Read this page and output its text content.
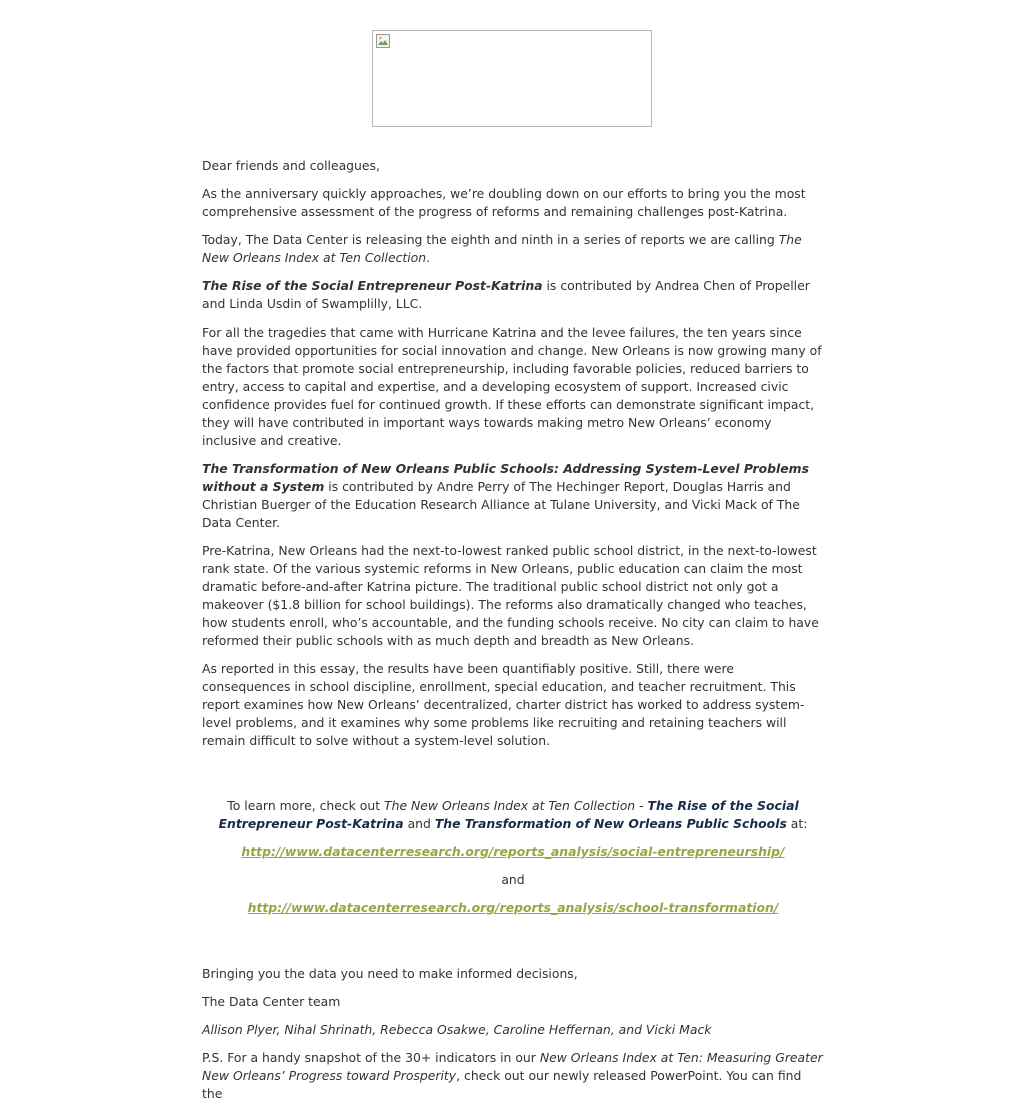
Dear friends and colleagues,

As the anniversary quickly approaches, we’re doubling down on our efforts to bring you the most comprehensive assessment of the progress of reforms and remaining challenges post-Katrina.

Today, The Data Center is releasing the eighth and ninth in a series of reports we are calling The New Orleans Index at Ten Collection.

The Rise of the Social Entrepreneur Post-Katrina is contributed by Andrea Chen of Propeller and Linda Usdin of Swamplilly, LLC.

For all the tragedies that came with Hurricane Katrina and the levee failures, the ten years since have provided opportunities for social innovation and change. New Orleans is now growing many of the factors that promote social entrepreneurship, including favorable policies, reduced barriers to entry, access to capital and expertise, and a developing ecosystem of support. Increased civic confidence provides fuel for continued growth. If these efforts can demonstrate significant impact, they will have contributed in important ways towards making metro New Orleans’ economy inclusive and creative.

The Transformation of New Orleans Public Schools: Addressing System-Level Problems without a System is contributed by Andre Perry of The Hechinger Report, Douglas Harris and Christian Buerger of the Education Research Alliance at Tulane University, and Vicki Mack of The Data Center.

Pre-Katrina, New Orleans had the next-to-lowest ranked public school district, in the next-to-lowest rank state. Of the various systemic reforms in New Orleans, public education can claim the most dramatic before-and-after Katrina picture. The traditional public school district not only got a makeover ($1.8 billion for school buildings). The reforms also dramatically changed who teaches, how students enroll, who’s accountable, and the funding schools receive. No city can claim to have reformed their public schools with as much depth and breadth as New Orleans.

As reported in this essay, the results have been quantifiably positive. Still, there were consequences in school discipline, enrollment, special education, and teacher recruitment. This report examines how New Orleans’ decentralized, charter district has worked to address system-level problems, and it examines why some problems like recruiting and retaining teachers will remain difficult to solve without a system-level solution.

To learn more, check out The New Orleans Index at Ten Collection - The Rise of the Social Entrepreneur Post-Katrina and The Transformation of New Orleans Public Schools at:

http://www.datacenterresearch.org/reports_analysis/social-entrepreneurship/

and

http://www.datacenterresearch.org/reports_analysis/school-transformation/

Bringing you the data you need to make informed decisions,

The Data Center team

Allison Plyer, Nihal Shrinath, Rebecca Osakwe, Caroline Heffernan, and Vicki Mack

P.S. For a handy snapshot of the 30+ indicators in our New Orleans Index at Ten: Measuring Greater New Orleans’ Progress toward Prosperity, check out our newly released PowerPoint. You can find the
